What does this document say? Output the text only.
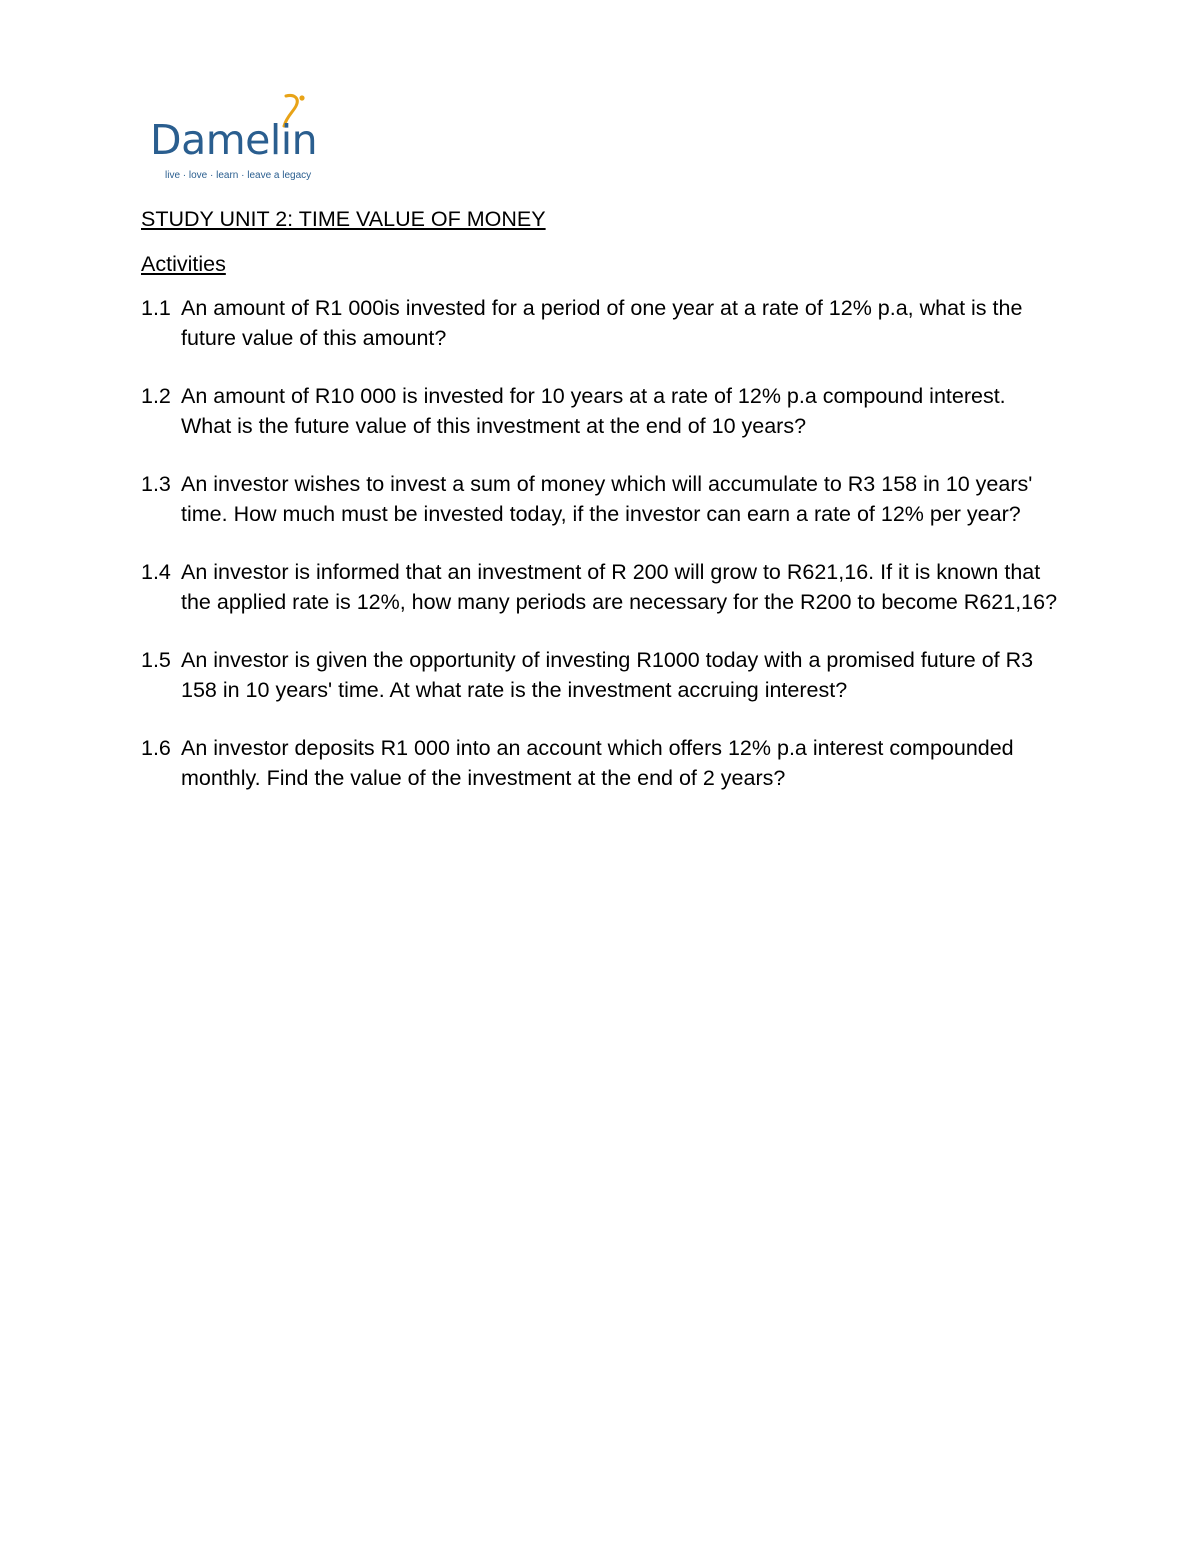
Damelin
live · love · learn · leave a legacy
STUDY UNIT 2: TIME VALUE OF MONEY
Activities
1.1 An amount of R1 000is invested for a period of one year at a rate of 12% p.a, what is the future value of this amount?
1.2 An amount of R10 000 is invested for 10 years at a rate of 12% p.a compound interest. What is the future value of this investment at the end of 10 years?
1.3 An investor wishes to invest a sum of money which will accumulate to R3 158 in 10 years' time. How much must be invested today, if the investor can earn a rate of 12% per year?
1.4 An investor is informed that an investment of R 200 will grow to R621,16. If it is known that the applied rate is 12%, how many periods are necessary for the R200 to become R621,16?
1.5 An investor is given the opportunity of investing R1000 today with a promised future of R3 158 in 10 years' time. At what rate is the investment accruing interest?
1.6 An investor deposits R1 000 into an account which offers 12% p.a interest compounded monthly. Find the value of the investment at the end of 2 years?
